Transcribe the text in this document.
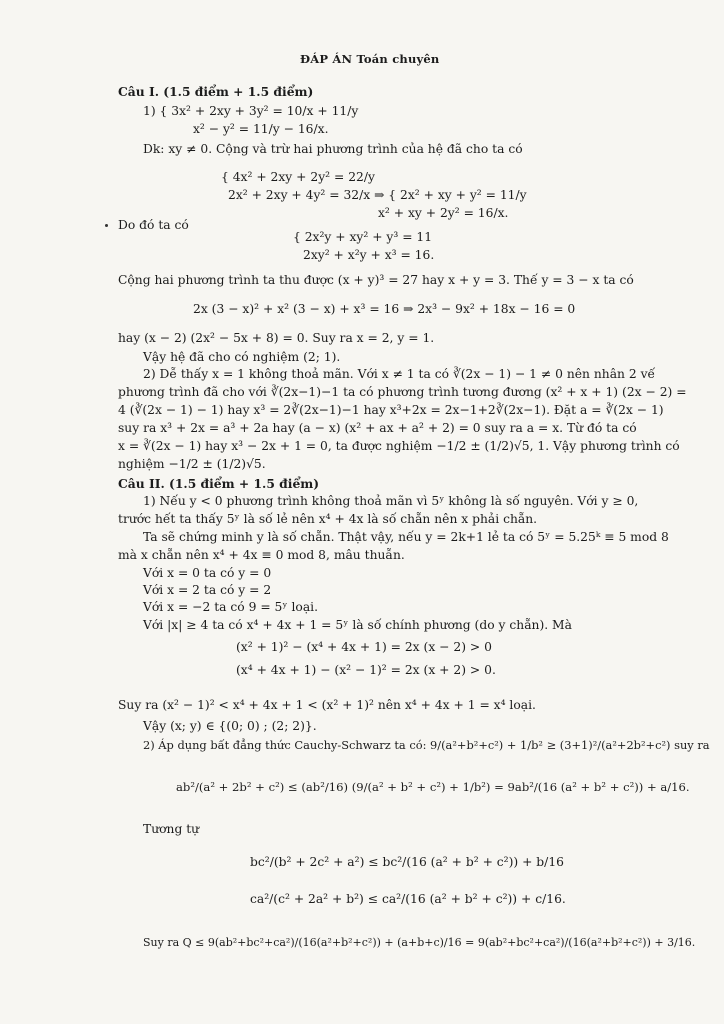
ĐÁP ÁN Toán chuyên
Câu I. (1.5 điểm + 1.5 điểm)
1) { 3x² + 2xy + 3y² = 10/x + 11/y
x² − y² = 11/y − 16/x.
Dk: xy ≠ 0. Cộng và trừ hai phương trình của hệ đã cho ta có
{ 4x² + 2xy + 2y² = 22/y
2x² + 2xy + 4y² = 32/x ⇒ { 2x² + xy + y² = 11/y
x² + xy + 2y² = 16/x.
Do đó ta có
{ 2x²y + xy² + y³ = 11
2xy² + x²y + x³ = 16.
Cộng hai phương trình ta thu được (x + y)³ = 27 hay x + y = 3. Thế y = 3 − x ta có
2x (3 − x)² + x² (3 − x) + x³ = 16 ⇒ 2x³ − 9x² + 18x − 16 = 0
hay (x − 2) (2x² − 5x + 8) = 0. Suy ra x = 2, y = 1.
Vậy hệ đã cho có nghiệm (2; 1).
2) Dễ thấy x = 1 không thoả mãn. Với x ≠ 1 ta có ∛(2x − 1) − 1 ≠ 0 nên nhân 2 vế
phương trình đã cho với ∛(2x−1)−1 ta có phương trình tương đương (x² + x + 1) (2x − 2) =
4 (∛(2x − 1) − 1) hay x³ = 2∛(2x−1)−1 hay x³+2x = 2x−1+2∛(2x−1). Đặt a = ∛(2x − 1)
suy ra x³ + 2x = a³ + 2a hay (a − x) (x² + ax + a² + 2) = 0 suy ra a = x. Từ đó ta có
x = ∛(2x − 1) hay x³ − 2x + 1 = 0, ta được nghiệm −1/2 ± (1/2)√5, 1. Vậy phương trình có
nghiệm −1/2 ± (1/2)√5.
Câu II. (1.5 điểm + 1.5 điểm)
1) Nếu y < 0 phương trình không thoả mãn vì 5ʸ không là số nguyên. Với y ≥ 0,
trước hết ta thấy 5ʸ là số lẻ nên x⁴ + 4x là số chẵn nên x phải chẵn.
Ta sẽ chứng minh y là số chẵn. Thật vậy, nếu y = 2k+1 lẻ ta có 5ʸ = 5.25ᵏ ≡ 5 mod 8
mà x chẵn nên x⁴ + 4x ≡ 0 mod 8, mâu thuẫn.
Với x = 0 ta có y = 0
Với x = 2 ta có y = 2
Với x = −2 ta có 9 = 5ʸ loại.
Với |x| ≥ 4 ta có x⁴ + 4x + 1 = 5ʸ là số chính phương (do y chẵn). Mà
(x² + 1)² − (x⁴ + 4x + 1) = 2x (x − 2) > 0
(x⁴ + 4x + 1) − (x² − 1)² = 2x (x + 2) > 0.
Suy ra (x² − 1)² < x⁴ + 4x + 1 < (x² + 1)² nên x⁴ + 4x + 1 = x⁴ loại.
Vậy (x; y) ∈ {(0; 0) ; (2; 2)}.
2) Áp dụng bất đẳng thức Cauchy-Schwarz ta có: 9/(a²+b²+c²) + 1/b² ≥ (3+1)²/(a²+2b²+c²) suy ra
ab²/(a² + 2b² + c²) ≤ (ab²/16) (9/(a² + b² + c²) + 1/b²) = 9ab²/(16 (a² + b² + c²)) + a/16.
Tương tự
bc²/(b² + 2c² + a²) ≤ bc²/(16 (a² + b² + c²)) + b/16
ca²/(c² + 2a² + b²) ≤ ca²/(16 (a² + b² + c²)) + c/16.
Suy ra Q ≤ 9(ab²+bc²+ca²)/(16(a²+b²+c²)) + (a+b+c)/16 = 9(ab²+bc²+ca²)/(16(a²+b²+c²)) + 3/16.
